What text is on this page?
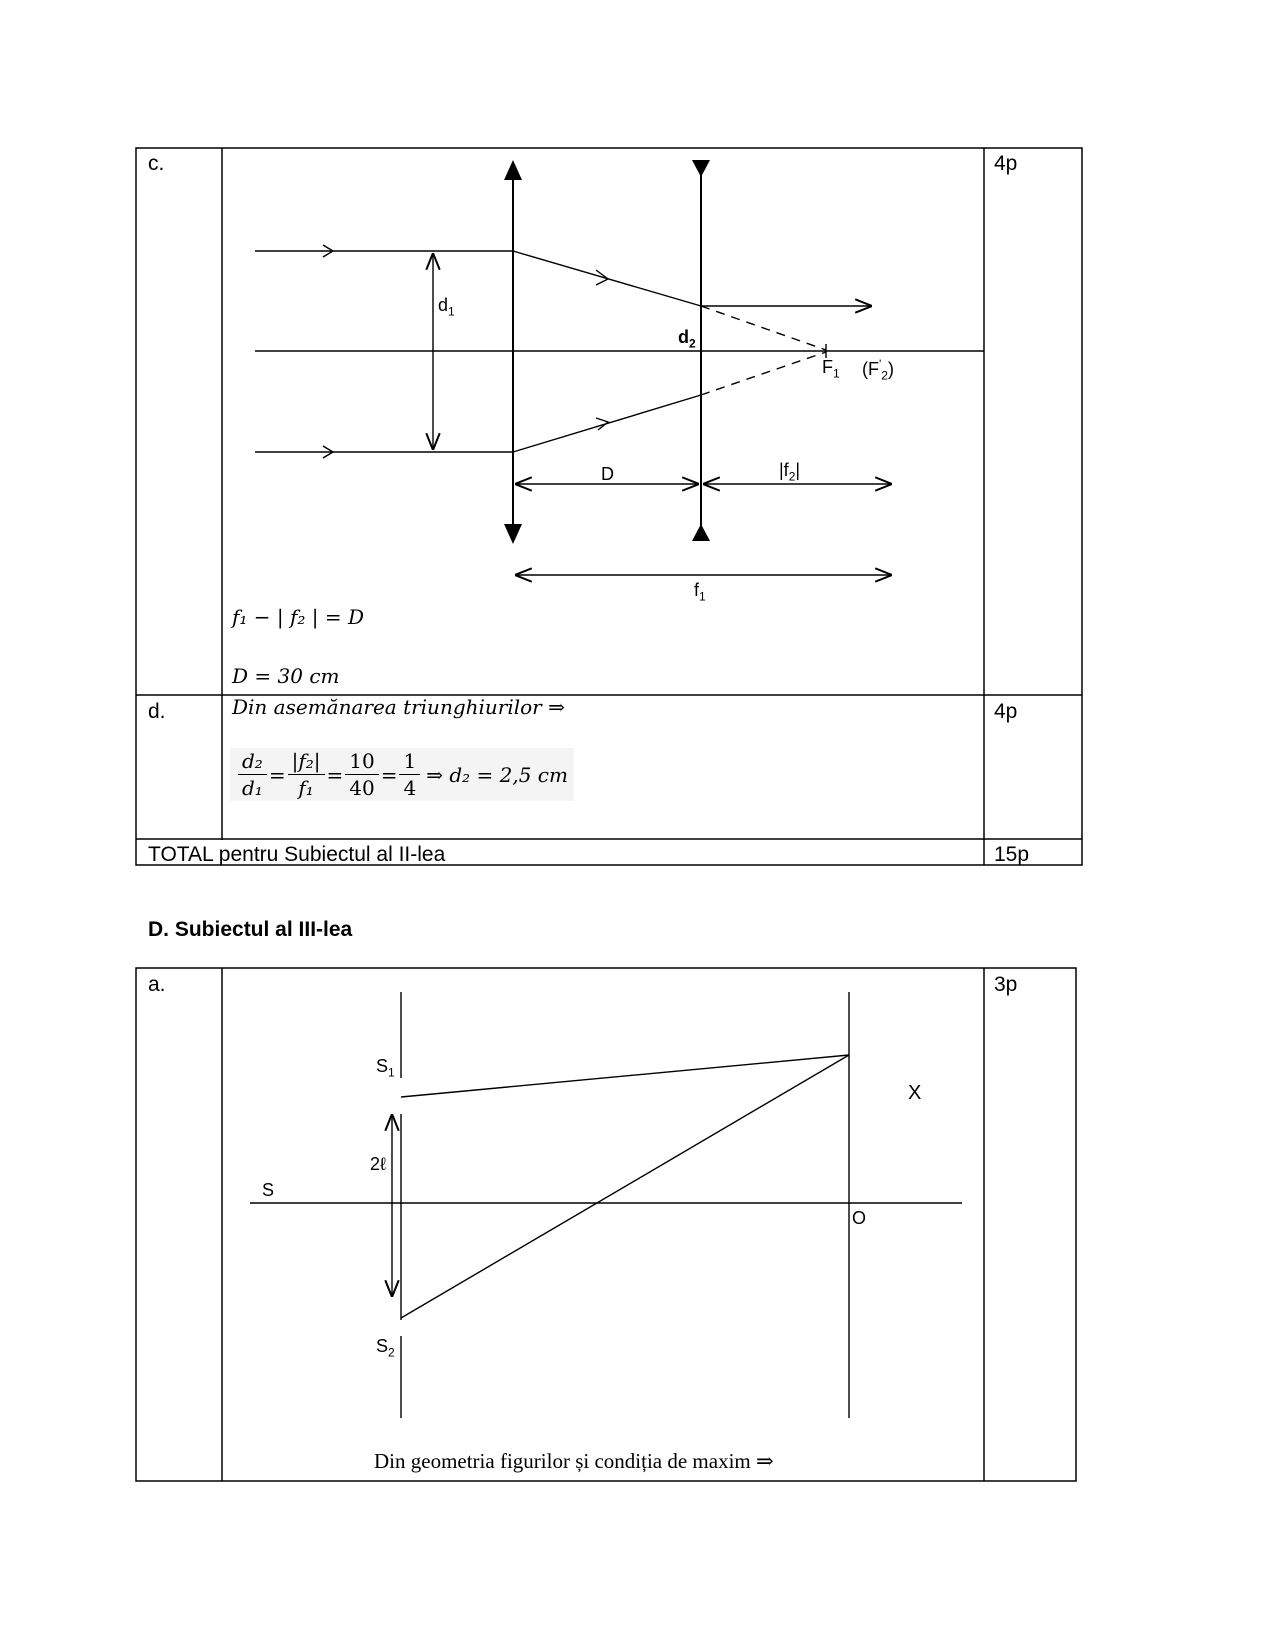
$d_1$
$d_2$
$F_1$ $(F'_2)$
D	$|f_2|$
$f_1$
c.	4p
f₁ − | f₂ | = D
D = 30 cm
d.	4p
Din asemănarea triunghiurilor ⇒
$\frac{\text{d₂}}{\text{d₁}} = \frac{\text{|f₂|}}{\text{f₁}} = \frac{10}{40} = \frac{1}{4}$ ⇒ d₂ = 2,5 cm
TOTAL pentru Subiectul al II-lea	15p
D. Subiectul al III-lea
a.	3p
$S_1$
$S_2$
2ℓ
S
O
X
Din geometria figurilor și condiția de maxim ⇒
